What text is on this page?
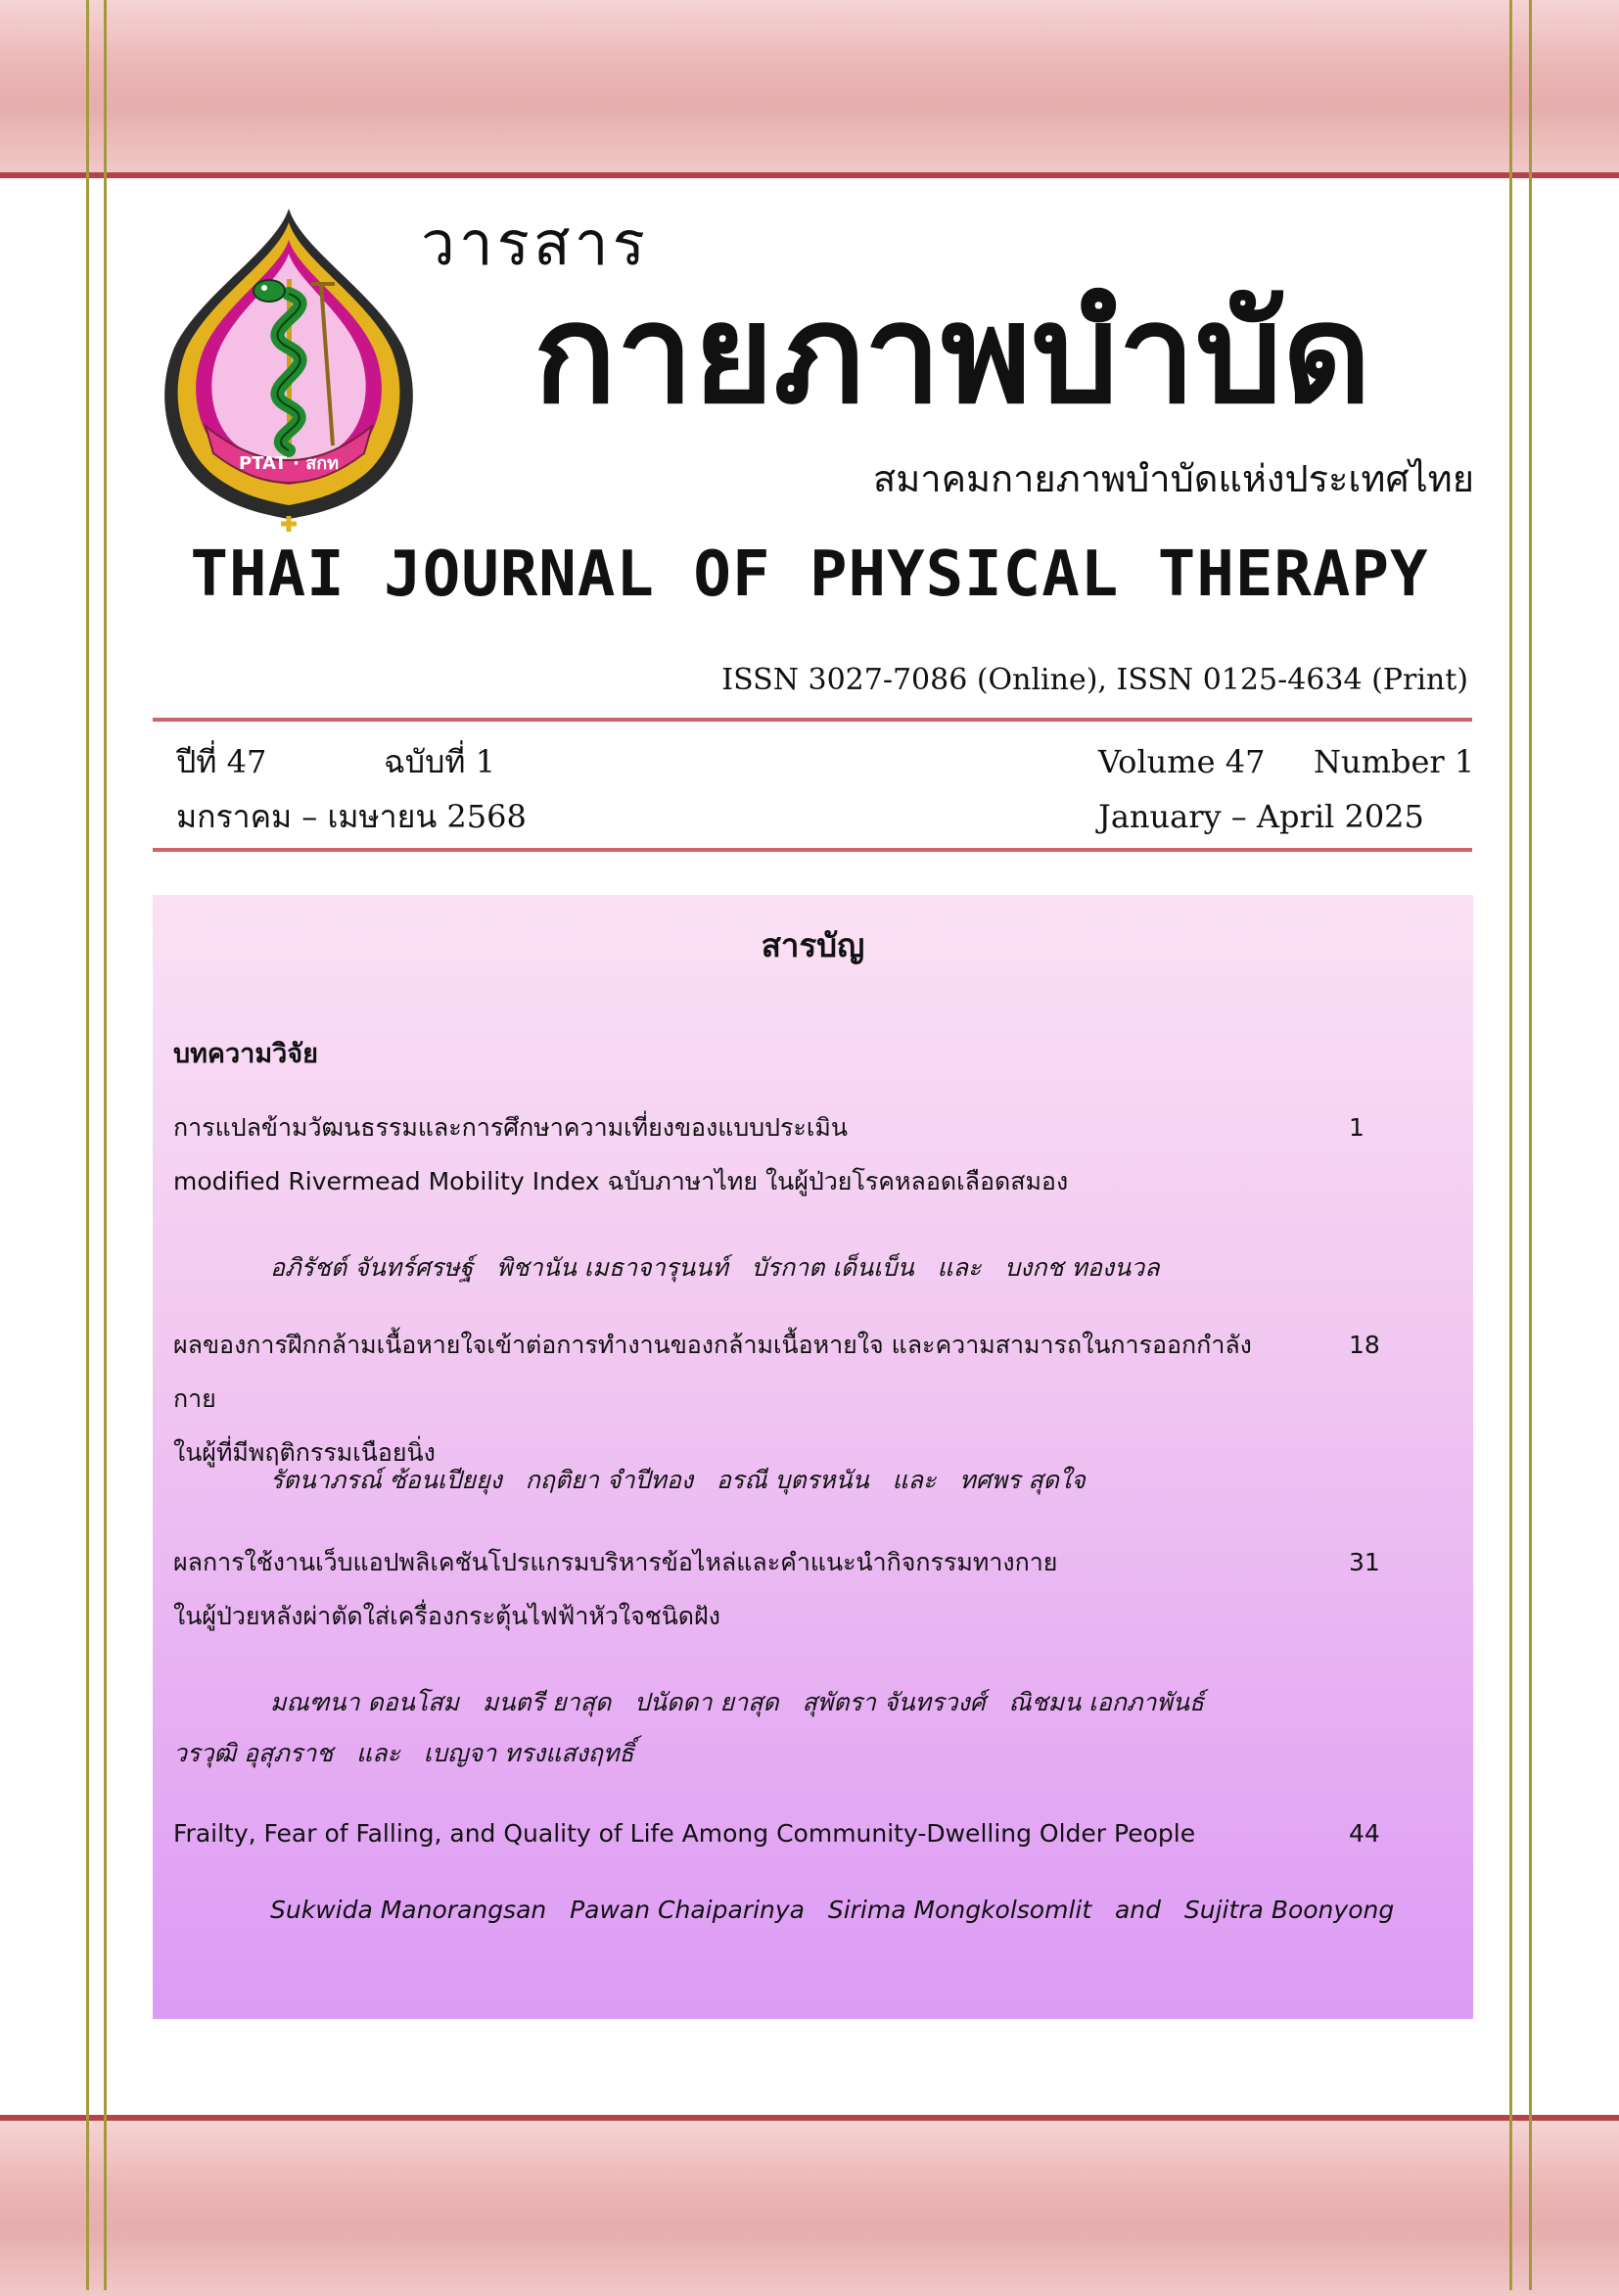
PTAT · สกท
วารสาร
กายภาพบำบัด
สมาคมกายภาพบำบัดแห่งประเทศไทย
THAI JOURNAL OF PHYSICAL THERAPY
ISSN 3027-7086 (Online), ISSN 0125-4634 (Print)
ปีที่ 47	ฉบับที่ 1
มกราคม – เมษายน 2568
Volume 47 Number 1
January – April 2025
สารบัญ
บทความวิจัย
การแปลข้ามวัฒนธรรมและการศึกษาความเที่ยงของแบบประเมิน
modified Rivermead Mobility Index ฉบับภาษาไทย ในผู้ป่วยโรคหลอดเลือดสมอง
1
อภิรัชต์ จันทร์ศรษฐ์   พิชานัน เมธาจารุนนท์   บัรกาต เด็นเบ็น   และ   บงกช ทองนวล
ผลของการฝึกกล้ามเนื้อหายใจเข้าต่อการทำงานของกล้ามเนื้อหายใจ และความสามารถในการออกกำลังกาย
ในผู้ที่มีพฤติกรรมเนือยนิ่ง
18
รัตนาภรณ์ ซ้อนเปียยุง   กฤติยา จำปีทอง   อรณี บุตรหนัน   และ   ทศพร สุดใจ
ผลการใช้งานเว็บแอปพลิเคชันโปรแกรมบริหารข้อไหล่และคำแนะนำกิจกรรมทางกาย
ในผู้ป่วยหลังผ่าตัดใส่เครื่องกระตุ้นไฟฟ้าหัวใจชนิดฝัง
31
มณฑนา ดอนโสม   มนตรี ยาสุด   ปนัดดา ยาสุด   สุพัตรา จันทรวงศ์   ณิชมน เอกภาพันธ์
วรวุฒิ อุสุภราช   และ   เบญจา ทรงแสงฤทธิ์
Frailty, Fear of Falling, and Quality of Life Among Community-Dwelling Older People	44
Sukwida Manorangsan   Pawan Chaiparinya   Sirima Mongkolsomlit   and   Sujitra Boonyong
